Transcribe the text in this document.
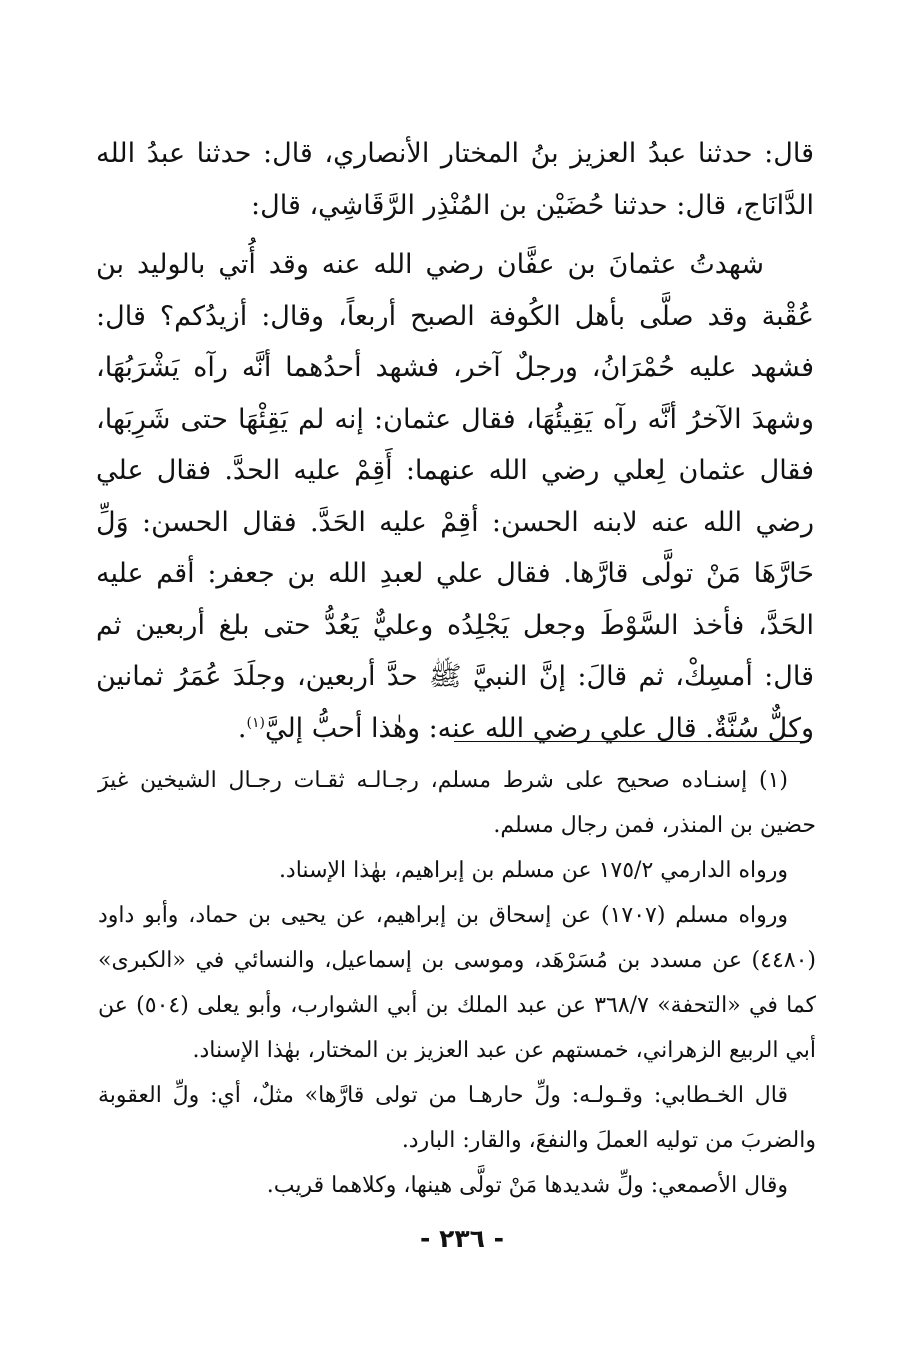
قال: حدثنا عبدُ العزيز بنُ المختار الأنصاري، قال: حدثنا عبدُ الله الدَّانَاج، قال: حدثنا حُضَيْن بن المُنْذِر الرَّقَاشِي، قال:

شهدتُ عثمانَ بن عفَّان رضي الله عنه وقد أُتي بالوليد بن عُقْبة وقد صلَّى بأهل الكُوفة الصبح أربعاً، وقال: أزيدُكم؟ قال: فشهد عليه حُمْرَانُ، ورجلٌ آخر، فشهد أحدُهما أنَّه رآه يَشْرَبُهَا، وشهدَ الآخرُ أنَّه رآه يَقِيئُهَا، فقال عثمان: إنه لم يَقِئْهَا حتى شَرِبَها، فقال عثمان لِعلي رضي الله عنهما: أَقِمْ عليه الحدَّ. فقال علي رضي الله عنه لابنه الحسن: أقِمْ عليه الحَدَّ. فقال الحسن: وَلِّ حَارَّهَا مَنْ تولَّى قارَّها. فقال علي لعبدِ الله بن جعفر: أقم عليه الحَدَّ، فأخذ السَّوْطَ وجعل يَجْلِدُه وعليٌّ يَعُدُّ حتى بلغ أربعين ثم قال: أمسِكْ، ثم قالَ: إنَّ النبيَّ ﷺ حدَّ أربعين، وجلَدَ عُمَرُ ثمانين وكلٌّ سُنَّةٌ. قال علي رضي الله عنه: وهٰذا أحبُّ إليَّ$^{(١)}$.

(١) إسنـاده صحيح على شرط مسلم، رجـالـه ثقـات رجـال الشيخين غيرَ حضين بن المنذر، فمن رجال مسلم.

ورواه الدارمي ١٧٥/٢ عن مسلم بن إبراهيم، بهٰذا الإسناد.

ورواه مسلم (١٧٠٧) عن إسحاق بن إبراهيم، عن يحيى بن حماد، وأبو داود (٤٤٨٠) عن مسدد بن مُسَرْهَد، وموسى بن إسماعيل، والنسائي في «الكبرى» كما في «التحفة» ٣٦٨/٧ عن عبد الملك بن أبي الشوارب، وأبو يعلى (٥٠٤) عن أبي الربيع الزهراني، خمستهم عن عبد العزيز بن المختار، بهٰذا الإسناد.

قال الخـطابي: وقـولـه: ولِّ حارهـا من تولى قارَّها» مثلٌ، أي: ولِّ العقوبة والضربَ من توليه العملَ والنفعَ، والقار: البارد.

وقال الأصمعي: ولِّ شديدها مَنْ تولَّى هينها، وكلاهما قريب.

- ٢٣٦ -
